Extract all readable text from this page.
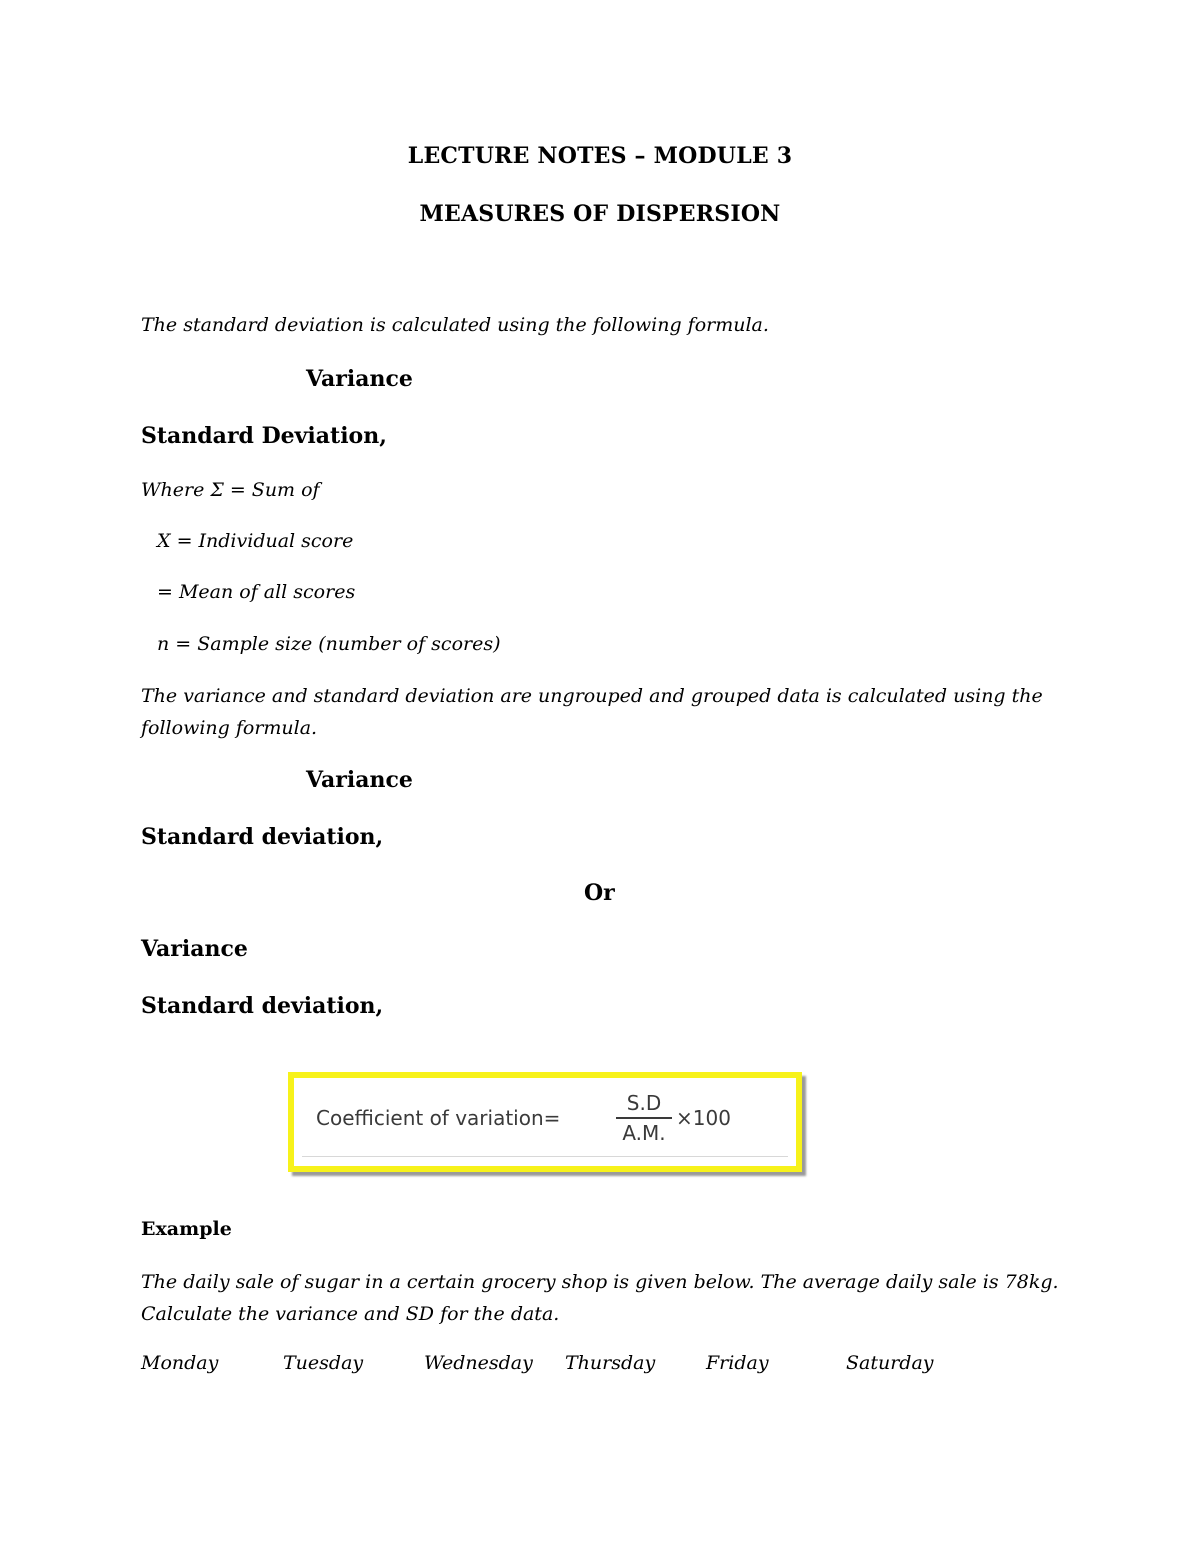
LECTURE NOTES – MODULE 3
MEASURES OF DISPERSION
The standard deviation is calculated using the following formula.
Variance
Standard Deviation,
Where Σ = Sum of
X = Individual score
= Mean of all scores
n = Sample size (number of scores)
The variance and standard deviation are ungrouped and grouped data is calculated using the following formula.
Variance
Standard deviation,
Or
Variance
Standard deviation,
Coefficient of variation=
S.D
A.M.
×100
Example
The daily sale of sugar in a certain grocery shop is given below. The average daily sale is 78kg. Calculate the variance and SD for the data.
Monday	Tuesday	Wednesday Thursday	Friday	Saturday
